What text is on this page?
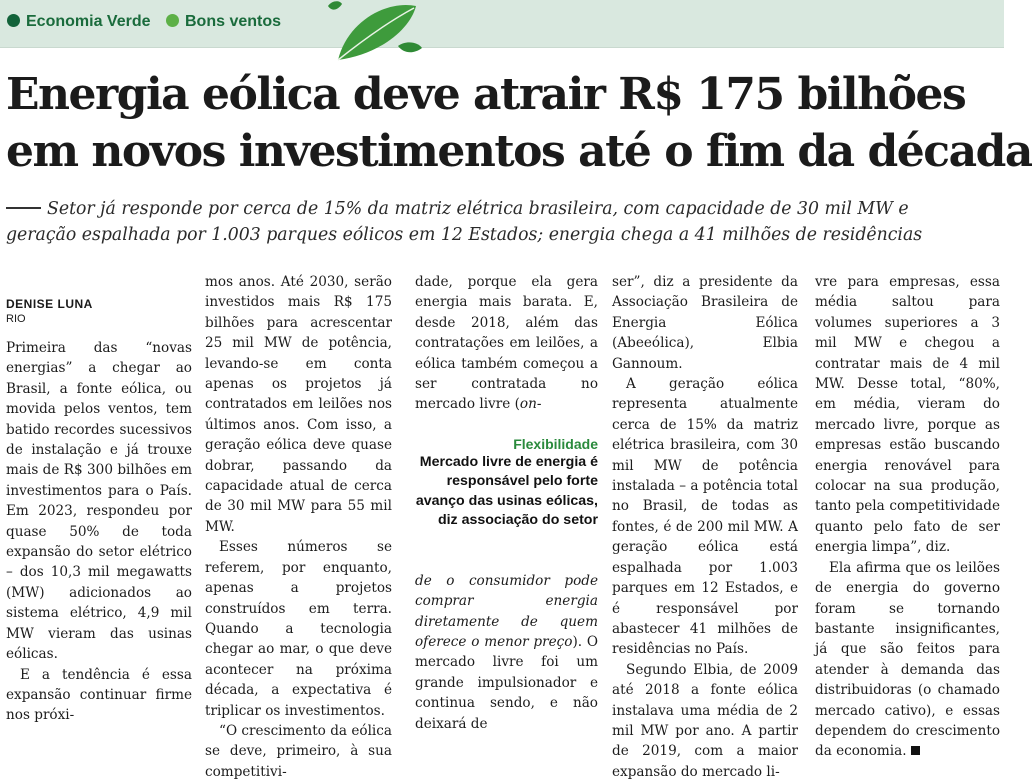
Economia Verde	Bons ventos
Energia eólica deve atrair R$ 175 bilhões
em novos investimentos até o fim da década
Setor já responde por cerca de 15% da matriz elétrica brasileira, com capacidade de 30 mil MW e
geração espalhada por 1.003 parques eólicos em 12 Estados; energia chega a 41 milhões de residências
DENISE LUNA
RIO

Primeira das “novas energias” a chegar ao Brasil, a fonte eólica, ou movida pelos ventos, tem batido recordes sucessivos de instalação e já trouxe mais de R$ 300 bilhões em investimentos para o País. Em 2023, respondeu por quase 50% de toda expansão do setor elétrico – dos 10,3 mil megawatts (MW) adicionados ao sistema elétrico, 4,9 mil MW vieram das usinas eólicas.

E a tendência é essa expansão continuar firme nos próxi-

mos anos. Até 2030, serão investidos mais R$ 175 bilhões para acrescentar 25 mil MW de potência, levando-se em conta apenas os projetos já contratados em leilões nos últimos anos. Com isso, a geração eólica deve quase dobrar, passando da capacidade atual de cerca de 30 mil MW para 55 mil MW.

Esses números se referem, por enquanto, apenas a projetos construídos em terra. Quando a tecnologia chegar ao mar, o que deve acontecer na próxima década, a expectativa é triplicar os investimentos.

“O crescimento da eólica se deve, primeiro, à sua competitivi-

dade, porque ela gera energia mais barata. E, desde 2018, além das contratações em leilões, a eólica também começou a ser contratada no mercado livre (on-

Flexibilidade
Mercado livre de energia é responsável pelo forte avanço das usinas eólicas, diz associação do setor

de o consumidor pode comprar energia diretamente de quem oferece o menor preço). O mercado livre foi um grande impulsionador e continua sendo, e não deixará de

ser”, diz a presidente da Associação Brasileira de Energia Eólica (Abeeólica), Elbia Gannoum.

A geração eólica representa atualmente cerca de 15% da matriz elétrica brasileira, com 30 mil MW de potência instalada – a potência total no Brasil, de todas as fontes, é de 200 mil MW. A geração eólica está espalhada por 1.003 parques em 12 Estados, e é responsável por abastecer 41 milhões de residências no País.

Segundo Elbia, de 2009 até 2018 a fonte eólica instalava uma média de 2 mil MW por ano. A partir de 2019, com a maior expansão do mercado li-

vre para empresas, essa média saltou para volumes superiores a 3 mil MW e chegou a contratar mais de 4 mil MW. Desse total, “80%, em média, vieram do mercado livre, porque as empresas estão buscando energia renovável para colocar na sua produção, tanto pela competitividade quanto pelo fato de ser energia limpa”, diz.

Ela afirma que os leilões de energia do governo foram se tornando bastante insignificantes, já que são feitos para atender à demanda das distribuidoras (o chamado mercado cativo), e essas dependem do crescimento da economia.
